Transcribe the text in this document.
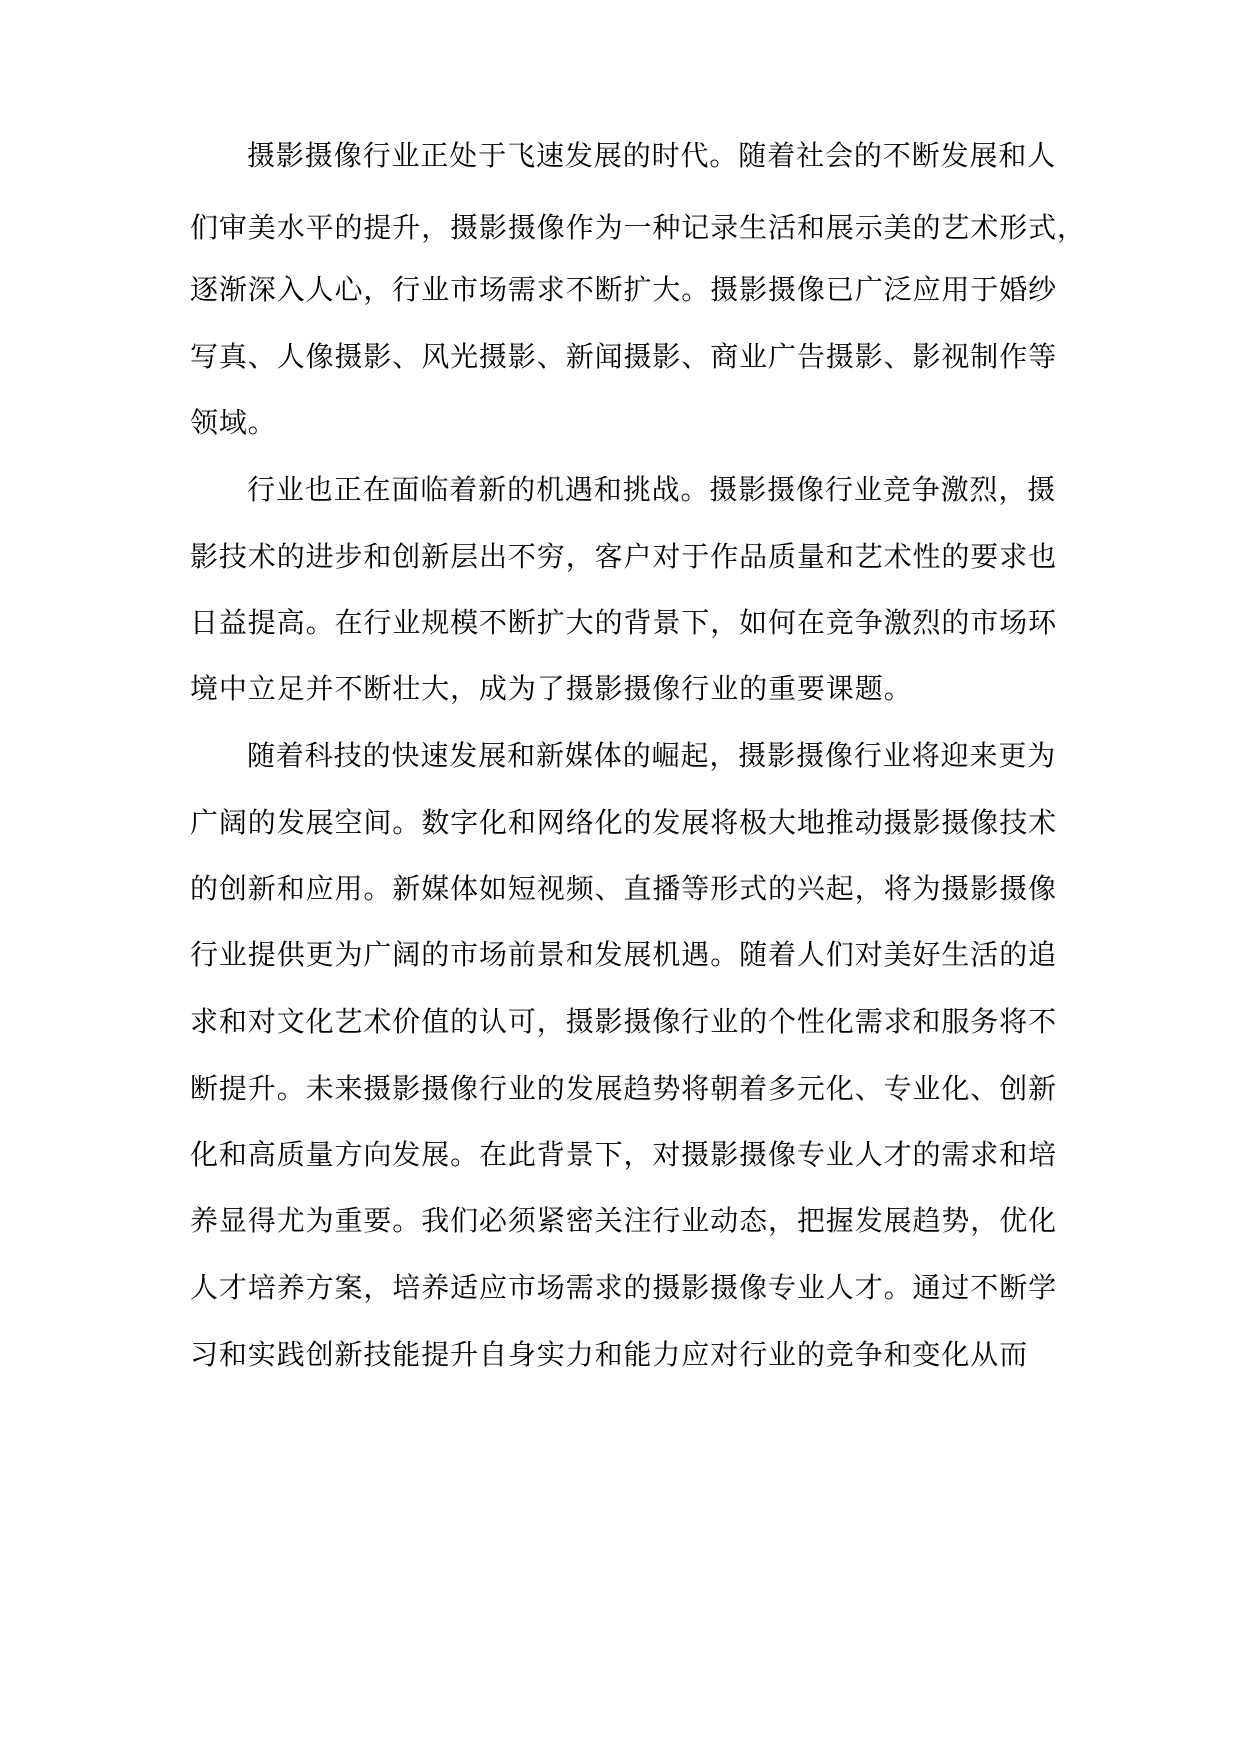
摄影摄像行业正处于飞速发展的时代。随着社会的不断发展和人
们审美水平的提升，摄影摄像作为一种记录生活和展示美的艺术形式，
逐渐深入人心，行业市场需求不断扩大。摄影摄像已广泛应用于婚纱
写真、人像摄影、风光摄影、新闻摄影、商业广告摄影、影视制作等
领域。
行业也正在面临着新的机遇和挑战。摄影摄像行业竞争激烈，摄
影技术的进步和创新层出不穷，客户对于作品质量和艺术性的要求也
日益提高。在行业规模不断扩大的背景下，如何在竞争激烈的市场环
境中立足并不断壮大，成为了摄影摄像行业的重要课题。
随着科技的快速发展和新媒体的崛起，摄影摄像行业将迎来更为
广阔的发展空间。数字化和网络化的发展将极大地推动摄影摄像技术
的创新和应用。新媒体如短视频、直播等形式的兴起，将为摄影摄像
行业提供更为广阔的市场前景和发展机遇。随着人们对美好生活的追
求和对文化艺术价值的认可，摄影摄像行业的个性化需求和服务将不
断提升。未来摄影摄像行业的发展趋势将朝着多元化、专业化、创新
化和高质量方向发展。在此背景下，对摄影摄像专业人才的需求和培
养显得尤为重要。我们必须紧密关注行业动态，把握发展趋势，优化
人才培养方案，培养适应市场需求的摄影摄像专业人才。通过不断学
习和实践创新技能提升自身实力和能力应对行业的竞争和变化从而
